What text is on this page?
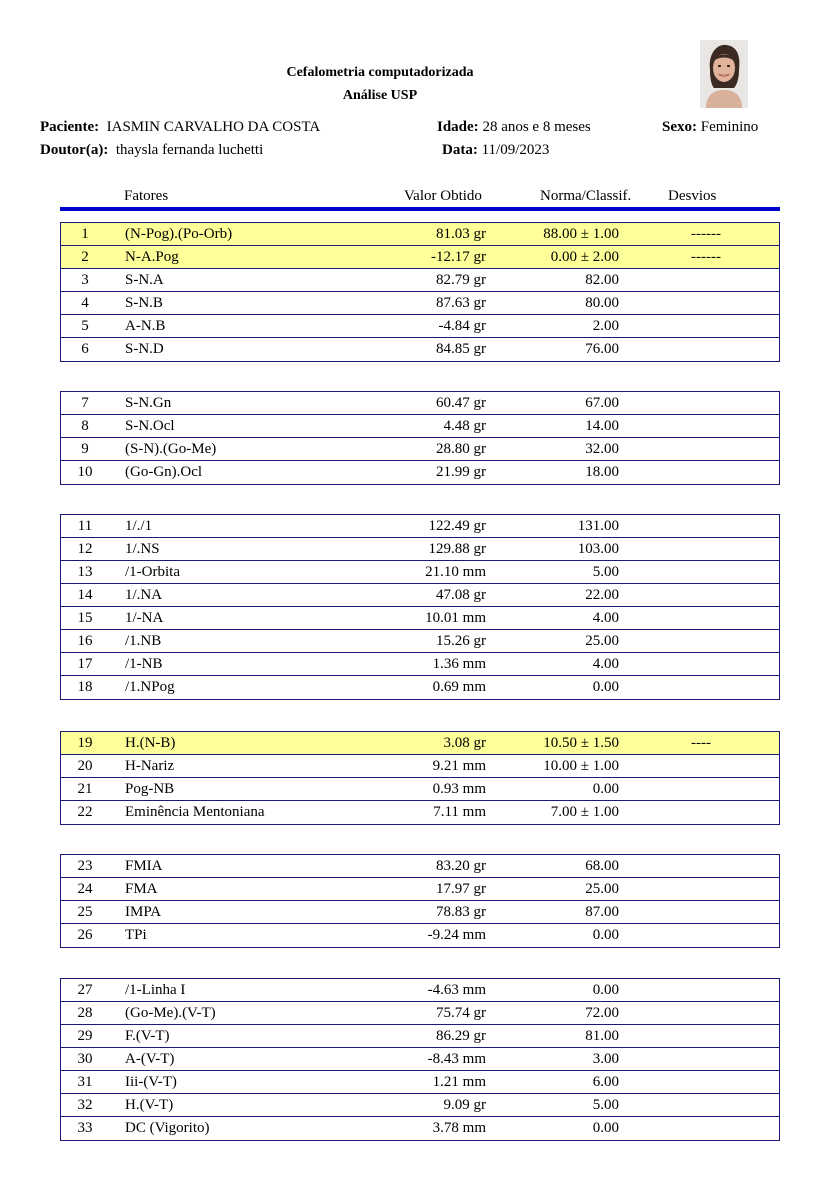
Cefalometria computadorizada
Análise USP
Paciente: IASMIN CARVALHO DA COSTA	Idade: 28 anos e 8 meses	Sexo: Feminino
Doutor(a): thaysla fernanda luchetti	Data: 11/09/2023
Fatores	Valor Obtido	Norma/Classif. Desvios
1	(N-Pog).(Po-Orb)	81.03 gr	88.00 ± 1.00	------
2	N-A.Pog	-12.17 gr	0.00 ± 2.00	------
3	S-N.A	82.79 gr	82.00
4	S-N.B	87.63 gr	80.00
5	A-N.B	-4.84 gr	2.00
6	S-N.D	84.85 gr	76.00
7	S-N.Gn	60.47 gr	67.00
8	S-N.Ocl	4.48 gr	14.00
9	(S-N).(Go-Me)	28.80 gr	32.00
10	(Go-Gn).Ocl	21.99 gr	18.00
11	1/./1	122.49 gr	131.00
12	1/.NS	129.88 gr	103.00
13	/1-Orbita	21.10 mm	5.00
14	1/.NA	47.08 gr	22.00
15	1/-NA	10.01 mm	4.00
16	/1.NB	15.26 gr	25.00
17	/1-NB	1.36 mm	4.00
18	/1.NPog	0.69 mm	0.00
19	H.(N-B)	3.08 gr	10.50 ± 1.50	----
20	H-Nariz	9.21 mm	10.00 ± 1.00
21	Pog-NB	0.93 mm	0.00
22	Eminência Mentoniana	7.11 mm	7.00 ± 1.00
23	FMIA	83.20 gr	68.00
24	FMA	17.97 gr	25.00
25	IMPA	78.83 gr	87.00
26	TPi	-9.24 mm	0.00
27	/1-Linha I	-4.63 mm	0.00
28	(Go-Me).(V-T)	75.74 gr	72.00
29	F.(V-T)	86.29 gr	81.00
30	A-(V-T)	-8.43 mm	3.00
31	Iii-(V-T)	1.21 mm	6.00
32	H.(V-T)	9.09 gr	5.00
33	DC (Vigorito)	3.78 mm	0.00
